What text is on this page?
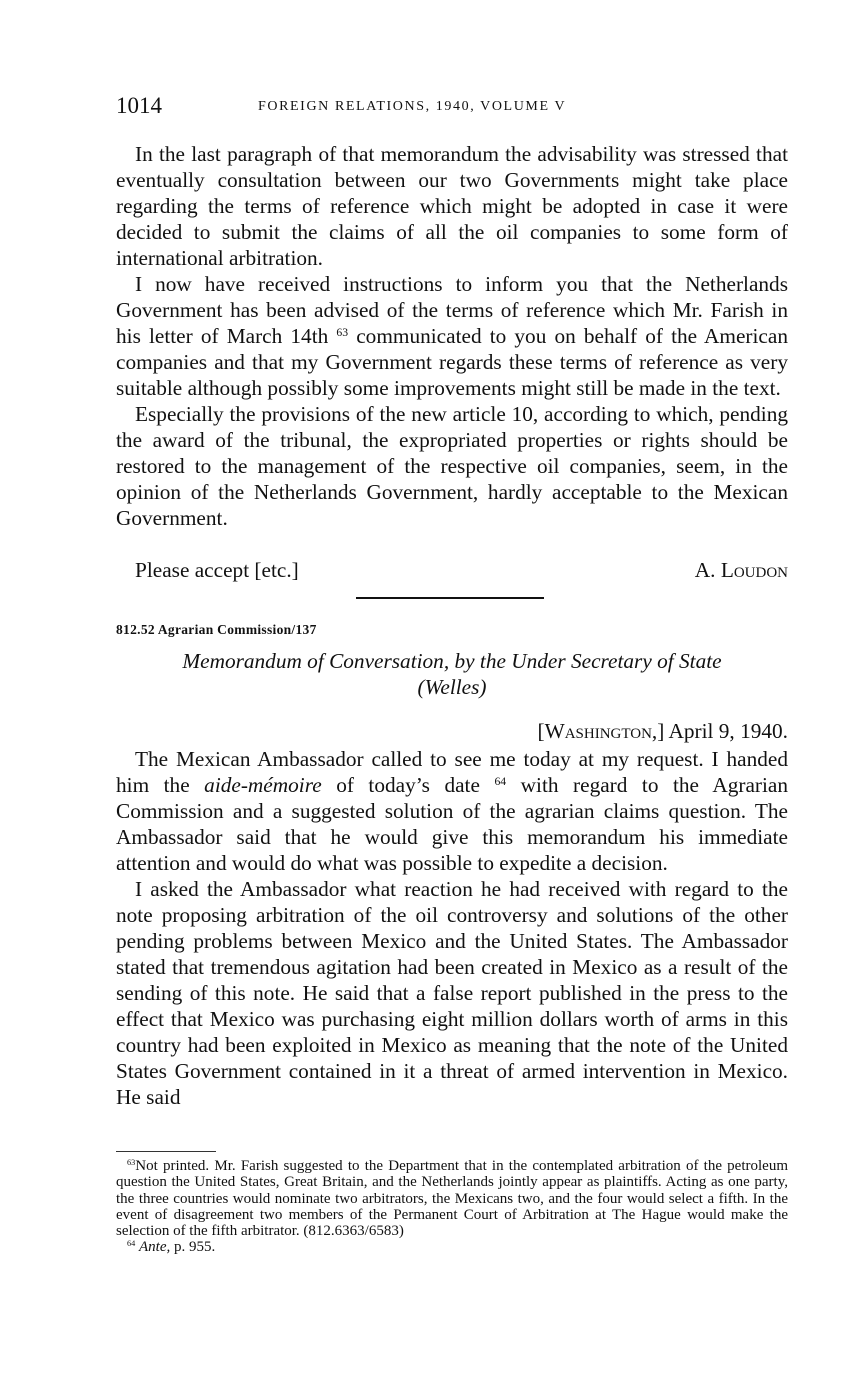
1014	FOREIGN RELATIONS, 1940, VOLUME V

In the last paragraph of that memorandum the advisability was stressed that eventually consultation between our two Governments might take place regarding the terms of reference which might be adopted in case it were decided to submit the claims of all the oil companies to some form of international arbitration.

I now have received instructions to inform you that the Netherlands Government has been advised of the terms of reference which Mr. Farish in his letter of March 14th $^{63}$ communicated to you on behalf of the American companies and that my Government regards these terms of reference as very suitable although possibly some improvements might still be made in the text.

Especially the provisions of the new article 10, according to which, pending the award of the tribunal, the expropriated properties or rights should be restored to the management of the respective oil companies, seem, in the opinion of the Netherlands Government, hardly acceptable to the Mexican Government.

Please accept [etc.]	A. Loudon
812.52 Agrarian Commission/137
Memorandum of Conversation, by the Under Secretary of State
(Welles)
[Washington,] April 9, 1940.

The Mexican Ambassador called to see me today at my request. I handed him the aide-mémoire of today’s date $^{64}$ with regard to the Agrarian Commission and a suggested solution of the agrarian claims question. The Ambassador said that he would give this memorandum his immediate attention and would do what was possible to expedite a decision.

I asked the Ambassador what reaction he had received with regard to the note proposing arbitration of the oil controversy and solutions of the other pending problems between Mexico and the United States. The Ambassador stated that tremendous agitation had been created in Mexico as a result of the sending of this note. He said that a false report published in the press to the effect that Mexico was purchasing eight million dollars worth of arms in this country had been exploited in Mexico as meaning that the note of the United States Government contained in it a threat of armed intervention in Mexico. He said

$^{63}$Not printed. Mr. Farish suggested to the Department that in the contemplated arbitration of the petroleum question the United States, Great Britain, and the Netherlands jointly appear as plaintiffs. Acting as one party, the three countries would nominate two arbitrators, the Mexicans two, and the four would select a fifth. In the event of disagreement two members of the Permanent Court of Arbitration at The Hague would make the selection of the fifth arbitrator. (812.6363/6583)

$^{64}$ Ante, p. 955.
